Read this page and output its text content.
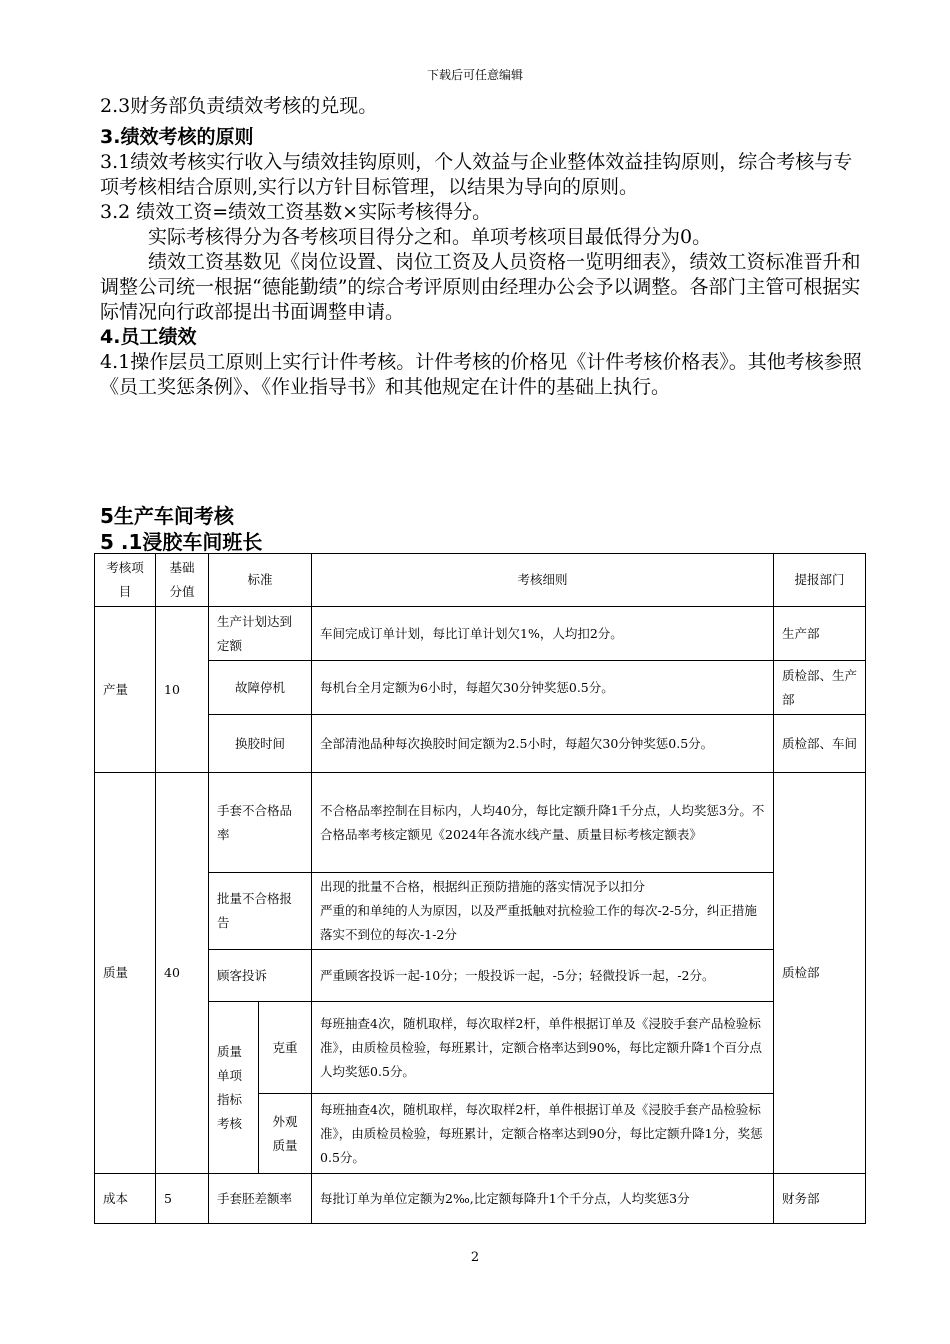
下载后可任意编辑

2.3财务部负责绩效考核的兑现。

3.绩效考核的原则

3.1绩效考核实行收入与绩效挂钩原则，个人效益与企业整体效益挂钩原则，综合考核与专项考核相结合原则,实行以方针目标管理，以结果为导向的原则。

3.2 绩效工资=绩效工资基数×实际考核得分。

实际考核得分为各考核项目得分之和。单项考核项目最低得分为0。

绩效工资基数见《岗位设置、岗位工资及人员资格一览明细表》，绩效工资标准晋升和调整公司统一根据“德能勤绩”的综合考评原则由经理办公会予以调整。各部门主管可根据实际情况向行政部提出书面调整申请。

4.员工绩效

4.1操作层员工原则上实行计件考核。计件考核的价格见《计件考核价格表》。其他考核参照《员工奖惩条例》、《作业指导书》和其他规定在计件的基础上执行。

5生产车间考核
5 .1浸胶车间班长
考核项目	基础分值	标准		考核细则	提报部门
产量	10	生产计划达到定额		车间完成订单计划，每比订单计划欠1%，人均扣2分。	生产部
		故障停机		每机台全月定额为6小时，每超欠30分钟奖惩0.5分。	质检部、生产部
		换胶时间		全部清池品种每次换胶时间定额为2.5小时，每超欠30分钟奖惩0.5分。	质检部、车间
质量	40	手套不合格品率		不合格品率控制在目标内，人均40分，每比定额升降1千分点，人均奖惩3分。不合格品率考核定额见《2024年各流水线产量、质量目标考核定额表》	质检部
		批量不合格报告		出现的批量不合格，根据纠正预防措施的落实情况予以扣分
严重的和单纯的人为原因，以及严重抵触对抗检验工作的每次-2-5分，纠正措施落实不到位的每次-1-2分	

		顾客投诉		严重顾客投诉一起-10分；一般投诉一起，-5分；轻微投诉一起，-2分。	
		质量单项指标考核	克重	每班抽查4次，随机取样，每次取样2杆，单件根据订单及《浸胶手套产品检验标准》，由质检员检验，每班累计，定额合格率达到90%，每比定额升降1个百分点人均奖惩0.5分。	
			外观质量	每班抽查4次，随机取样，每次取样2杆，单件根据订单及《浸胶手套产品检验标准》，由质检员检验，每班累计，定额合格率达到90分，每比定额升降1分，奖惩0.5分。	
成本	5	手套胚差额率		每批订单为单位定额为2‰,比定额每降升1个千分点，人均奖惩3分	财务部
2
